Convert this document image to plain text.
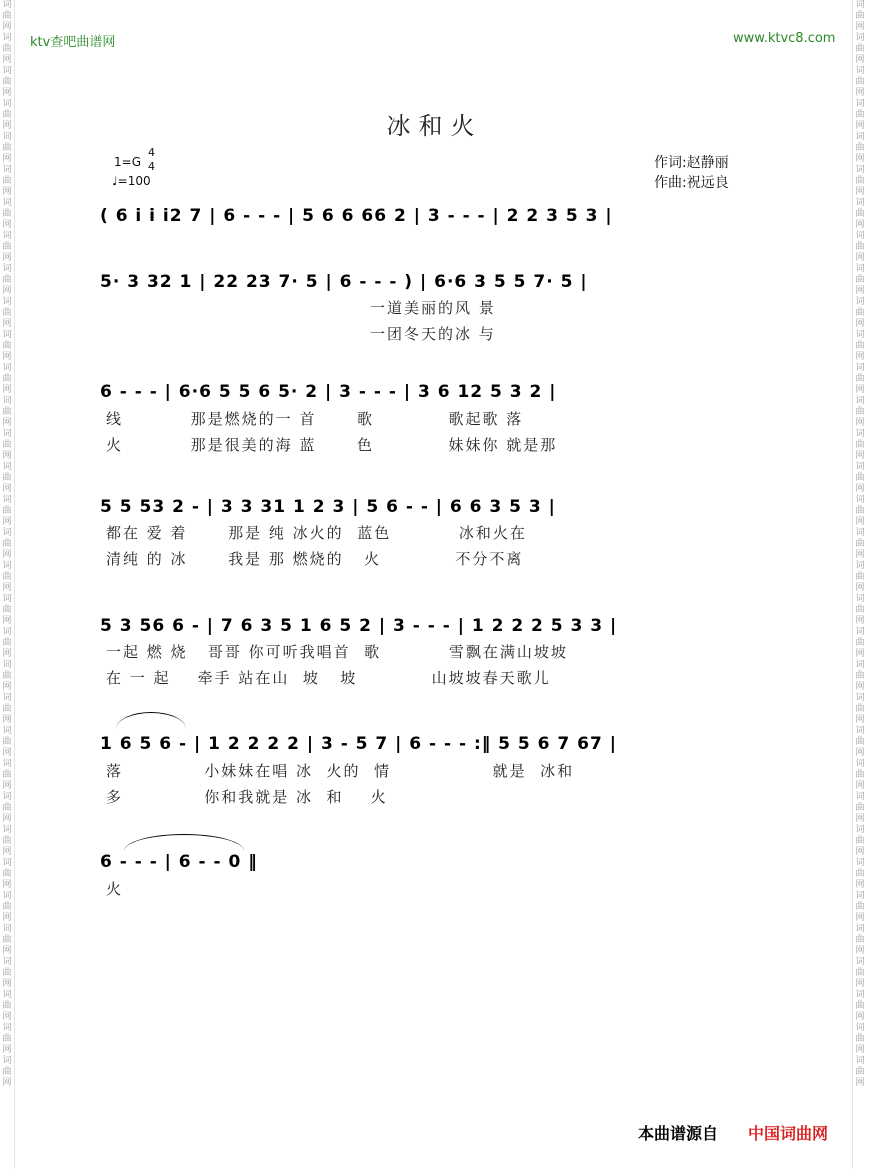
词曲网词曲网词曲网词曲网词曲网词曲网词曲网词曲网词曲网词曲网词曲网词曲网词曲网词曲网词曲网词曲网词曲网词曲网词曲网词曲网词曲网词曲网词曲网词曲网词曲网词曲网词曲网词曲网词曲网词曲网词曲网词曲网词曲网
词曲网词曲网词曲网词曲网词曲网词曲网词曲网词曲网词曲网词曲网词曲网词曲网词曲网词曲网词曲网词曲网词曲网词曲网词曲网词曲网词曲网词曲网词曲网词曲网词曲网词曲网词曲网词曲网词曲网词曲网词曲网词曲网词曲网
ktv查吧曲谱网	www.ktvc8.com
冰和火
1=G
4
4
♩=100
作词:赵静丽
作曲:祝远良
( 6 i i i2 7 | 6 - - - | 5 6 6 66 2 | 3 - - - | 2 2 3 5 3 |
5· 3 32 1 | 22 23 7· 5 | 6 - - - ) | 6·6 3 5 5 7· 5 |
一道美丽的风 景
一团冬天的冰 与
6 - - - | 6·6 5 5 6 5· 2 | 3 - - - | 3 6 12 5 3 2 |
线          那是燃烧的一 首      歌           歌起歌 落
火          那是很美的海 蓝      色           妹妹你 就是那
5 5 53 2 - | 3 3 31 1 2 3 | 5 6 - - | 6 6 3 5 3 |
都在 爱 着      那是 纯 冰火的  蓝色          冰和火在
清纯 的 冰      我是 那 燃烧的   火           不分不离
5 3 56 6 - | 7 6 3 5 1 6 5 2 | 3 - - - | 1 2 2 2 5 3 3 |
一起 燃 烧   哥哥 你可听我唱首  歌          雪飘在满山坡坡
在 一 起    牵手 站在山  坡   坡           山坡坡春天歌儿
1 6 5 6 - | 1 2 2 2 2 | 3 - 5 7 | 6 - - - :‖ 5 5 6 7 67 |
落            小妹妹在唱 冰  火的  情               就是  冰和
多            你和我就是 冰  和    火
6 - - - | 6 - - 0 ‖
火
本曲谱源自 中国词曲网
